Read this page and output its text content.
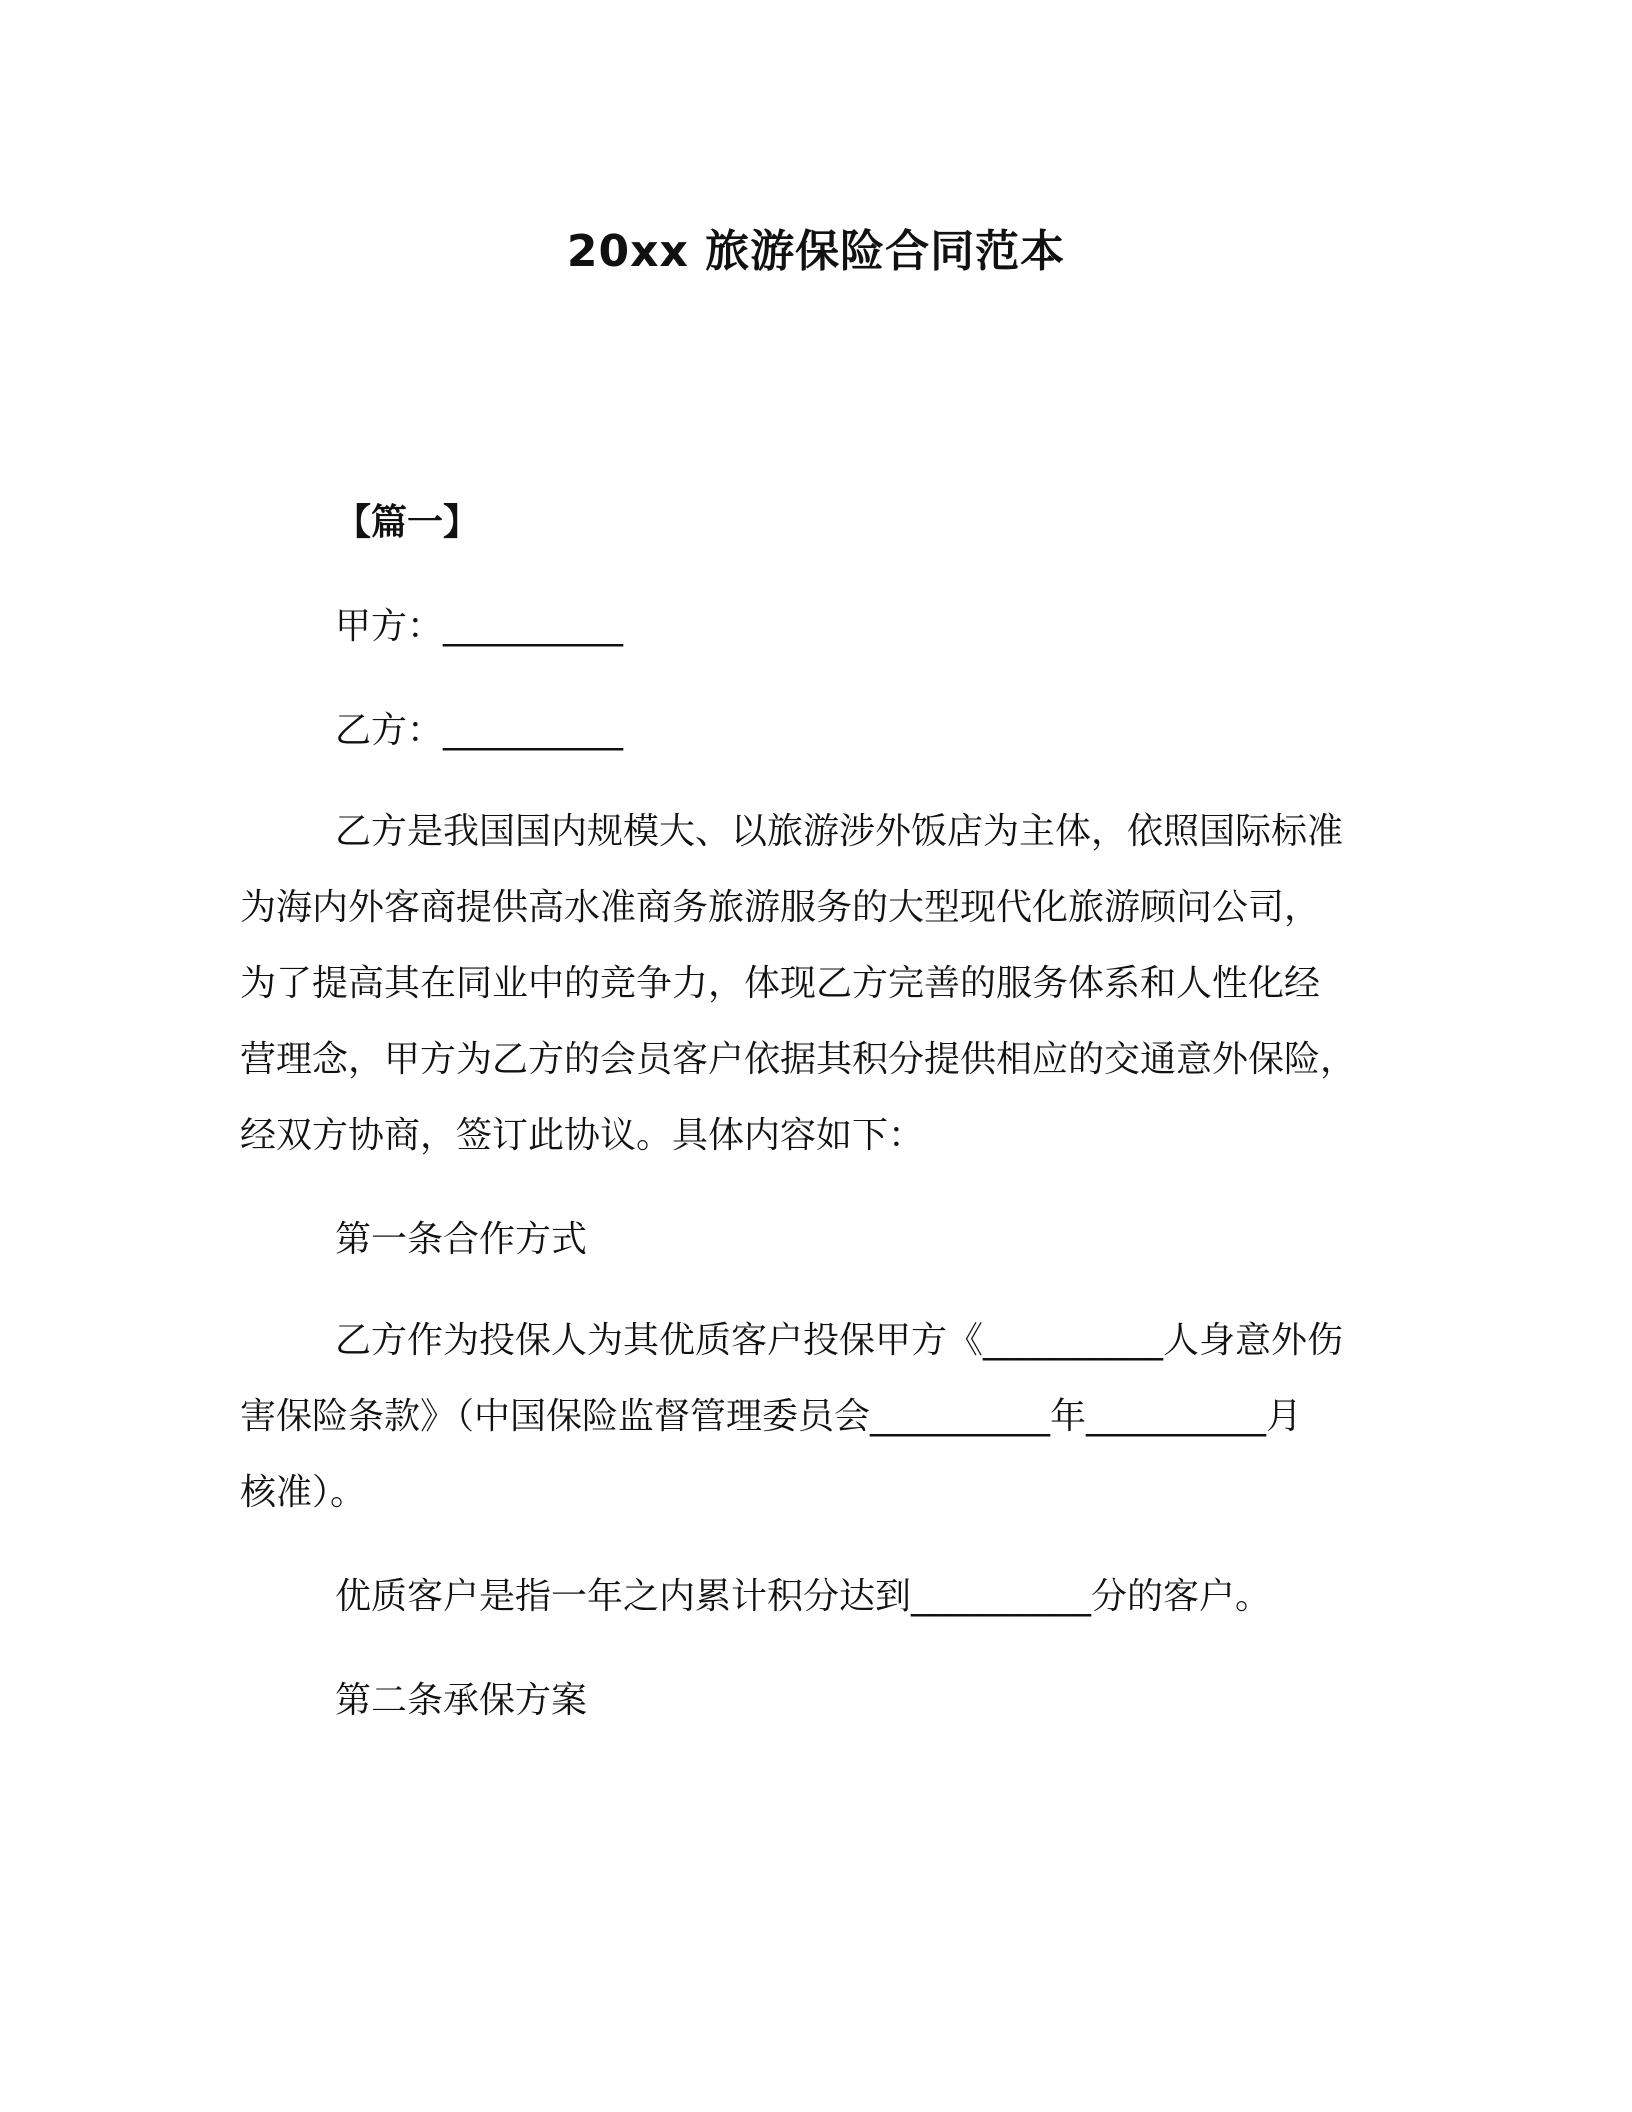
20xx 旅游保险合同范本
【篇一】
甲方：__________
乙方：__________
乙方是我国国内规模大、以旅游涉外饭店为主体，依照国际标准
为海内外客商提供高水准商务旅游服务的大型现代化旅游顾问公司，
为了提高其在同业中的竞争力，体现乙方完善的服务体系和人性化经
营理念，甲方为乙方的会员客户依据其积分提供相应的交通意外保险，
经双方协商，签订此协议。具体内容如下：
第一条合作方式
乙方作为投保人为其优质客户投保甲方《__________人身意外伤
害保险条款》（中国保险监督管理委员会__________年__________月
核准）。
优质客户是指一年之内累计积分达到__________分的客户。
第二条承保方案
